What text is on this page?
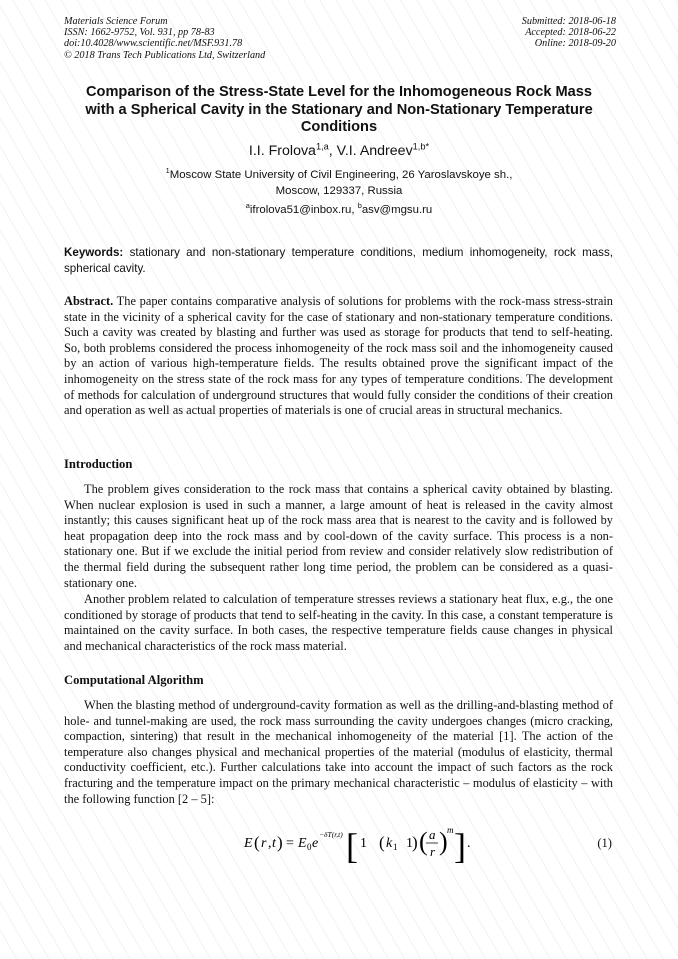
Materials Science Forum
ISSN: 1662-9752, Vol. 931, pp 78-83
doi:10.4028/www.scientific.net/MSF.931.78
© 2018 Trans Tech Publications Ltd, Switzerland
Submitted: 2018-06-18
Accepted: 2018-06-22
Online: 2018-09-20
Comparison of the Stress-State Level for the Inhomogeneous Rock Mass with a Spherical Cavity in the Stationary and Non-Stationary Temperature Conditions
I.I. Frolova$^{1,a}$, V.I. Andreev$^{1,b*}$
$^1$Moscow State University of Civil Engineering, 26 Yaroslavskoye sh.,
Moscow, 129337, Russia
$^a$ifrolova51@inbox.ru, $^b$asv@mgsu.ru
Keywords: stationary and non-stationary temperature conditions, medium inhomogeneity, rock mass, spherical cavity.
Abstract. The paper contains comparative analysis of solutions for problems with the rock-mass stress-strain state in the vicinity of a spherical cavity for the case of stationary and non-stationary temperature conditions. Such a cavity was created by blasting and further was used as storage for products that tend to self-heating. So, both problems considered the process inhomogeneity of the rock mass soil and the inhomogeneity caused by an action of various high-temperature fields. The results obtained prove the significant impact of the inhomogeneity on the stress state of the rock mass for any types of temperature conditions. The development of methods for calculation of underground structures that would fully consider the conditions of their creation and operation as well as actual properties of materials is one of crucial areas in structural mechanics.
Introduction
The problem gives consideration to the rock mass that contains a spherical cavity obtained by blasting. When nuclear explosion is used in such a manner, a large amount of heat is released in the cavity almost instantly; this causes significant heat up of the rock mass area that is nearest to the cavity and is followed by heat propagation deep into the rock mass and by cool-down of the cavity surface. This process is a non-stationary one. But if we exclude the initial period from review and consider relatively slow redistribution of the thermal field during the subsequent rather long time period, the problem can be considered as a quasi-stationary one.
Another problem related to calculation of temperature stresses reviews a stationary heat flux, e.g., the one conditioned by storage of products that tend to self-heating in the cavity. In this case, a constant temperature is maintained on the cavity surface. In both cases, the respective temperature fields cause changes in physical and mechanical characteristics of the rock mass material.
Computational Algorithm
When the blasting method of underground-cavity formation as well as the drilling-and-blasting method of hole- and tunnel-making are used, the rock mass surrounding the cavity undergoes changes (micro cracking, compaction, sintering) that result in the mechanical inhomogeneity of the material [1]. The action of the temperature also changes physical and mechanical properties of the material (modulus of elasticity, thermal conductivity coefficient, etc.). Further calculations take into account the impact of such factors as the rock fracturing and the temperature impact on the primary mechanical characteristic – modulus of elasticity – with the following function [2 – 5]:
E ( r , t ) = E 0 e
−δT(r,t) [ 1 ( k 1 1 ) ( a
r ) m ] .	(1)
